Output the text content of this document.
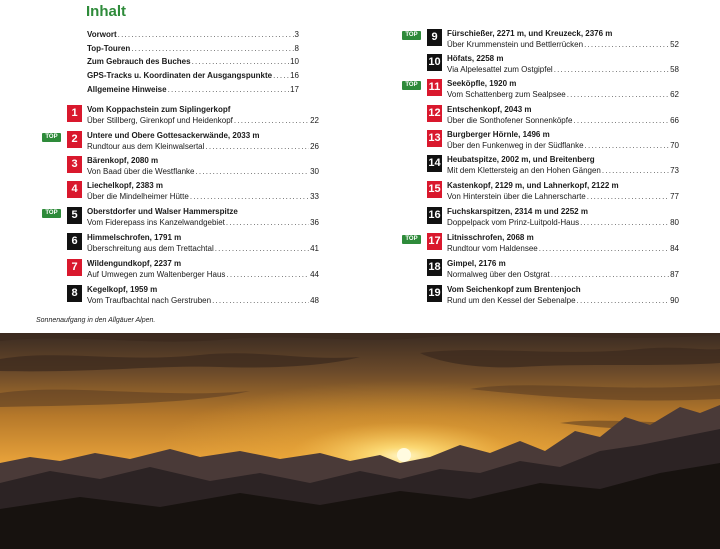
Inhalt
Vorwort .....	3
Top-Touren .....	8
Zum Gebrauch des Buches .....	10
GPS-Tracks u. Koordinaten der Ausgangspunkte ..... 16
Allgemeine Hinweise .....	17
1	Vom Koppachstein zum Siplingerkopf
Über Stillberg, Girenkopf und Heidenkopf .....	22
TOP	2	Untere und Obere Gottesackerwände, 2033 m
Rundtour aus dem Kleinwalsertal .....	26
3	Bärenkopf, 2080 m
Von Baad über die Westflanke .....	30
4	Liechelkopf, 2383 m
Über die Mindelheimer Hütte .....	33
TOP	5	Oberstdorfer und Walser Hammerspitze
Vom Fiderepass ins Kanzelwandgebiet .....	36
6	Himmelschrofen, 1791 m
Überschreitung aus dem Trettachtal .....	41
7	Wildengundkopf, 2237 m
Auf Umwegen zum Waltenberger Haus .....	44
8	Kegelkopf, 1959 m
Vom Traufbachtal nach Gerstruben .....	48
TOP	9	Fürschießer, 2271 m, und Kreuzeck, 2376 m
Über Krummenstein und Bettlerrücken .....	52
10 Höfats, 2258 m
Via Alpelesattel zum Ostgipfel .....	58
TOP	11 Seeköpfle, 1920 m
Vom Schattenberg zum Sealpsee .....	62
12 Entschenkopf, 2043 m
Über die Sonthofener Sonnenköpfe .....	66
13 Burgberger Hörnle, 1496 m
Über den Funkenweg in der Südflanke .....	70
14 Heubatspitze, 2002 m, und Breitenberg
Mit dem Klettersteig an den Hohen Gängen .....	73
15 Kastenkopf, 2129 m, und Lahnerkopf, 2122 m
Von Hinterstein über die Lahnerscharte .....	77
16 Fuchskarspitzen, 2314 m und 2252 m
Doppelpack vom Prinz-Luitpold-Haus .....	80
TOP 17 Litnisschrofen, 2068 m
Rundtour vom Haldensee .....	84
18 Gimpel, 2176 m
Normalweg über den Ostgrat .....	87
19 Vom Seichenkopf zum Brentenjoch
Rund um den Kessel der Sebenalpe .....	90
Sonnenaufgang in den Allgäuer Alpen.
